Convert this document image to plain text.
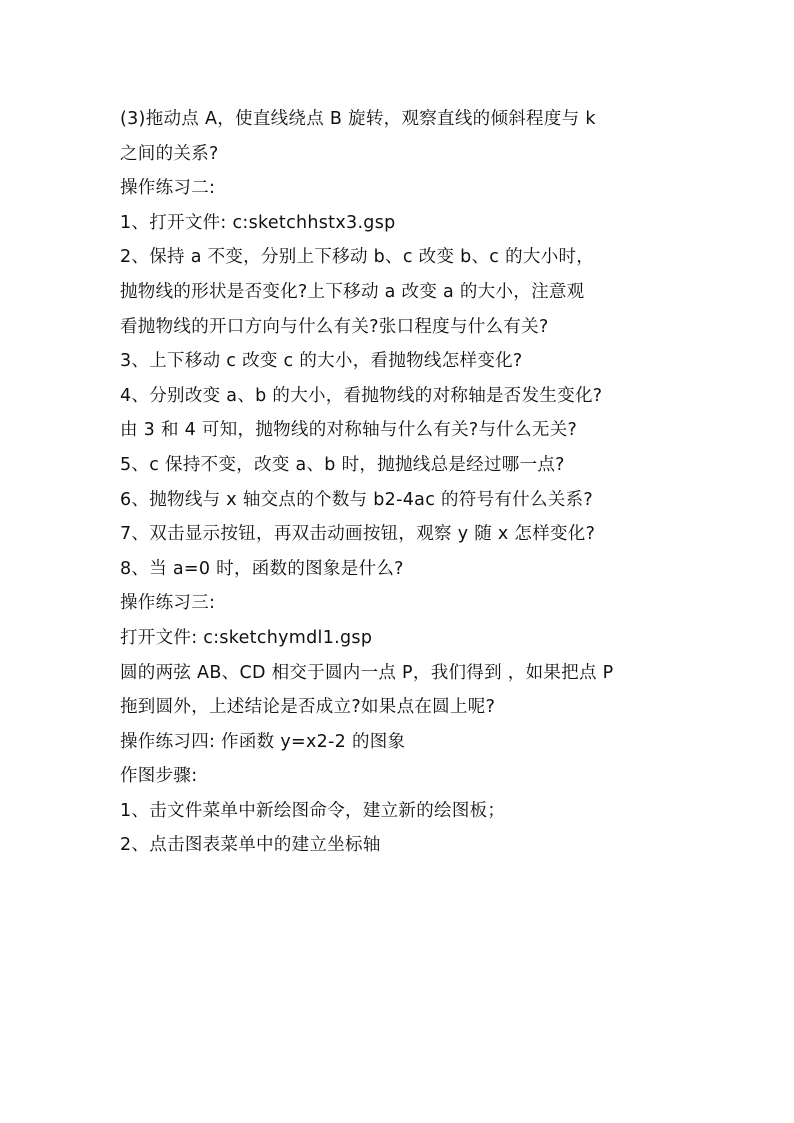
(3)拖动点 A，使直线绕点 B 旋转，观察直线的倾斜程度与 k
之间的关系?
操作练习二:
1、打开文件: c:sketchhstx3.gsp
2、保持 a 不变，分别上下移动 b、c 改变 b、c 的大小时，
抛物线的形状是否变化?上下移动 a 改变 a 的大小，注意观
看抛物线的开口方向与什么有关?张口程度与什么有关?
3、上下移动 c 改变 c 的大小，看抛物线怎样变化?
4、分别改变 a、b 的大小，看抛物线的对称轴是否发生变化?
由 3 和 4 可知，抛物线的对称轴与什么有关?与什么无关?
5、c 保持不变，改变 a、b 时，抛抛线总是经过哪一点?
6、抛物线与 x 轴交点的个数与 b2-4ac 的符号有什么关系?
7、双击显示按钮，再双击动画按钮，观察 y 随 x 怎样变化?
8、当 a=0 时，函数的图象是什么?
操作练习三:
打开文件: c:sketchymdl1.gsp
圆的两弦 AB、CD 相交于圆内一点 P，我们得到 ，如果把点 P
拖到圆外，上述结论是否成立?如果点在圆上呢?
操作练习四: 作函数 y=x2-2 的图象
作图步骤:
1、击文件菜单中新绘图命令，建立新的绘图板；
2、点击图表菜单中的建立坐标轴
